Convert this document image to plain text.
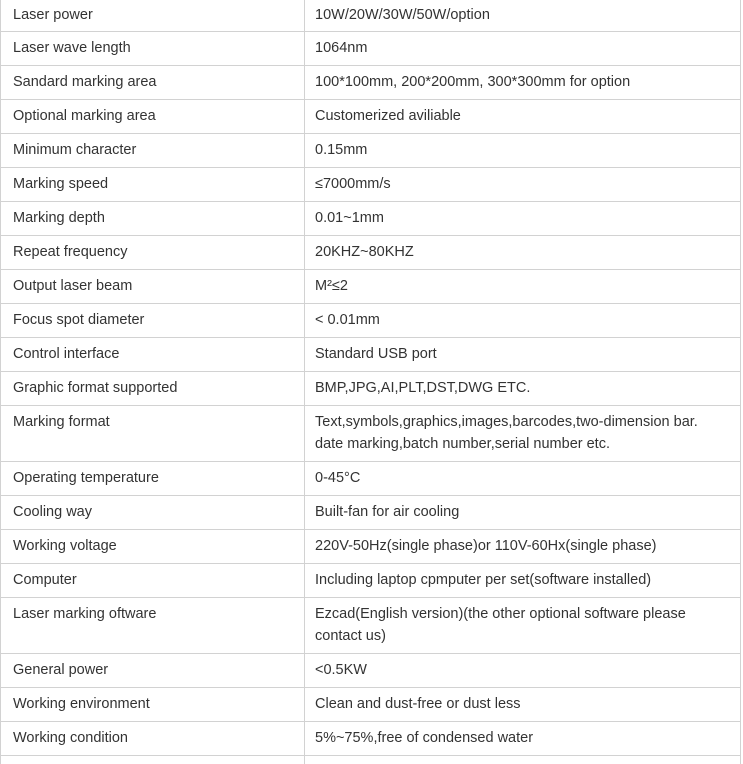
Laser power	10W/20W/30W/50W/option

Laser wave length	1064nm

Sandard marking area	100*100mm, 200*200mm, 300*300mm for option

Optional marking area	Customerized aviliable

Minimum character	0.15mm

Marking speed	≤7000mm/s

Marking depth	0.01~1mm

Repeat frequency	20KHZ~80KHZ

Output laser beam	M²≤2

Focus spot diameter	< 0.01mm

Control interface	Standard USB port

Graphic format supported	BMP,JPG,AI,PLT,DST,DWG ETC.

Marking format	Text,symbols,graphics,images,barcodes,two-dimension bar.
date marking,batch number,serial number etc.

Operating temperature	0-45°C

Cooling way	Built-fan for air cooling

Working voltage	220V-50Hz(single phase)or 110V-60Hx(single phase)

Computer	Including laptop cpmputer per set(software installed)

Laser marking oftware	Ezcad(English version)(the other optional software please
contact us)

General power	<0.5KW

Working environment	Clean and dust-free or dust less

Working condition	5%~75%,free of condensed water
